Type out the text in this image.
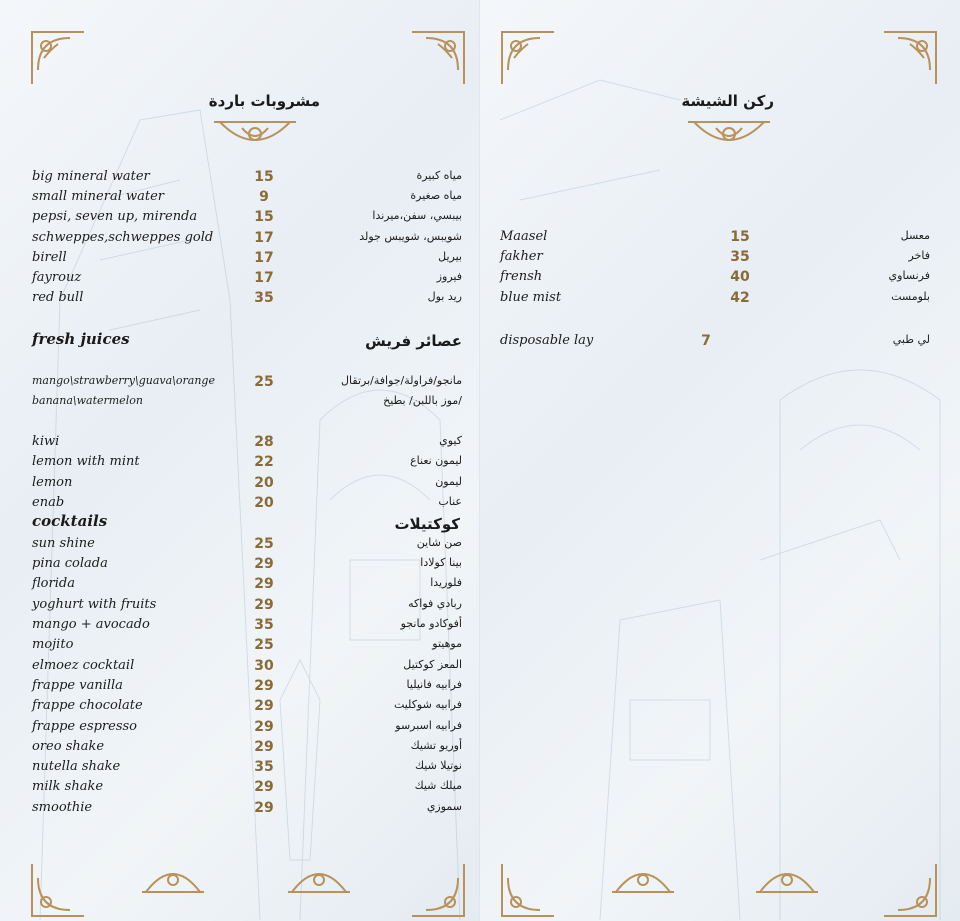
مشروبات باردة
big mineral water	15	مياه كبيرة
small mineral water	9	مياه صغيرة
pepsi, seven up, mirenda	15	بيبسي، سفن،ميرندا
schweppes,schweppes gold	17	شويبس، شويبس جولد
birell	17	بيريل
fayrouz	17	فيروز
red bull	35	ريد بول
fresh juices	عصائر فريش
mango\strawberry\guava\orange	25	مانجو/فراولة/جوافة/برتقال
banana\watermelon	/موز باللبن/ بطيخ
kiwi	28	كيوي
lemon with mint	22	ليمون نعناع
lemon	20	ليمون
enab	20	عناب
cocktails	كوكتيلات
sun shine	25	صن شاين
pina colada	29	بينا كولادا
florida	29	فلوريدا
yoghurt with fruits	29	ربادي فواكه
mango + avocado	35	أفوكادو مانجو
mojito	25	موهيتو
elmoez cocktail	30	المعز كوكتيل
frappe vanilla	29	فرابيه فانيليا
frappe chocolate	29	فرابيه شوكليت
frappe espresso	29	فرابيه اسبرسو
oreo shake	29	أوريو تشيك
nutella shake	35	نوتيلا شيك
milk shake	29	ميلك شيك
smoothie	29	سموزي
ركن الشيشة
Maasel	15	معسل
fakher	35	فاخر
frensh	40	فرنساوي
blue mist	42	بلومست
disposable lay	7	لي طبي
